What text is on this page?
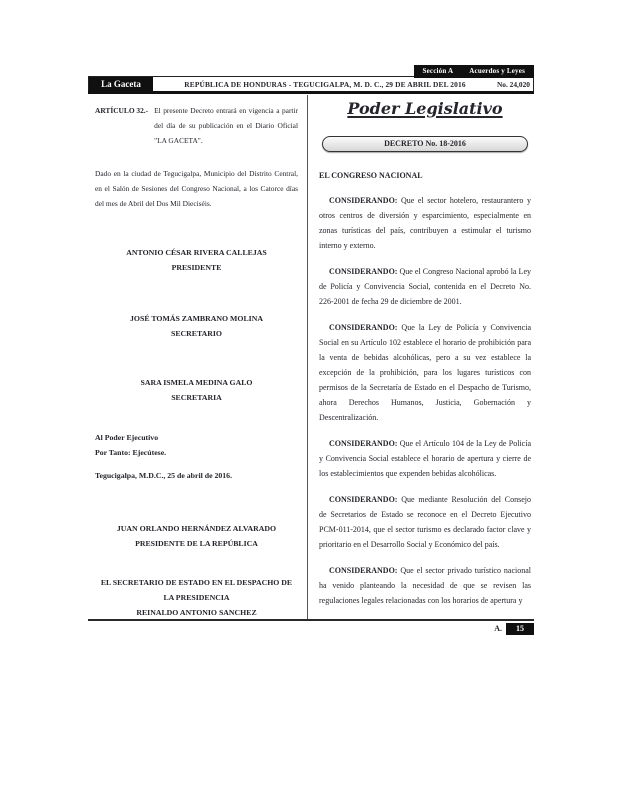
Sección A Acuerdos y Leyes
La Gaceta	REPÚBLICA DE HONDURAS - TEGUCIGALPA, M. D. C., 29 DE ABRIL DEL 2016	No. 24,020
ARTÍCULO 32.- El presente Decreto entrará en vigencia a partir del día de su publicación en el Diario Oficial "LA GACETA".
Dado en la ciudad de Tegucigalpa, Municipio del Distrito Central, en el Salón de Sesiones del Congreso Nacional, a los Catorce días del mes de Abril del Dos Mil Dieciséis.
ANTONIO CÉSAR RIVERA CALLEJAS
PRESIDENTE
JOSÉ TOMÁS ZAMBRANO MOLINA
SECRETARIO
SARA ISMELA MEDINA GALO
SECRETARIA
Al Poder Ejecutivo
Por Tanto: Ejecútese.
Tegucigalpa, M.D.C., 25 de abril de 2016.
JUAN ORLANDO HERNÁNDEZ ALVARADO
PRESIDENTE DE LA REPÚBLICA
EL SECRETARIO DE ESTADO EN EL DESPACHO DE
LA PRESIDENCIA
REINALDO ANTONIO SANCHEZ
Poder Legislativo
DECRETO No. 18-2016
EL CONGRESO NACIONAL

CONSIDERANDO: Que el sector hotelero, restaurantero y otros centros de diversión y esparcimiento, especialmente en zonas turísticas del país, contribuyen a estimular el turismo interno y externo.

CONSIDERANDO: Que el Congreso Nacional aprobó la Ley de Policía y Convivencia Social, contenida en el Decreto No. 226-2001 de fecha 29 de diciembre de 2001.

CONSIDERANDO: Que la Ley de Policía y Convivencia Social en su Artículo 102 establece el horario de prohibición para la venta de bebidas alcohólicas, pero a su vez establece la excepción de la prohibición, para los lugares turísticos con permisos de la Secretaría de Estado en el Despacho de Turismo, ahora Derechos Humanos, Justicia, Gobernación y Descentralización.

CONSIDERANDO: Que el Artículo 104 de la Ley de Policía y Convivencia Social establece el horario de apertura y cierre de los establecimientos que expenden bebidas alcohólicas.

CONSIDERANDO: Que mediante Resolución del Consejo de Secretarios de Estado se reconoce en el Decreto Ejecutivo PCM-011-2014, que el sector turismo es declarado factor clave y prioritario en el Desarrollo Social y Económico del país.

CONSIDERANDO: Que el sector privado turístico nacional ha venido planteando la necesidad de que se revisen las regulaciones legales relacionadas con los horarios de apertura y

A. 15
